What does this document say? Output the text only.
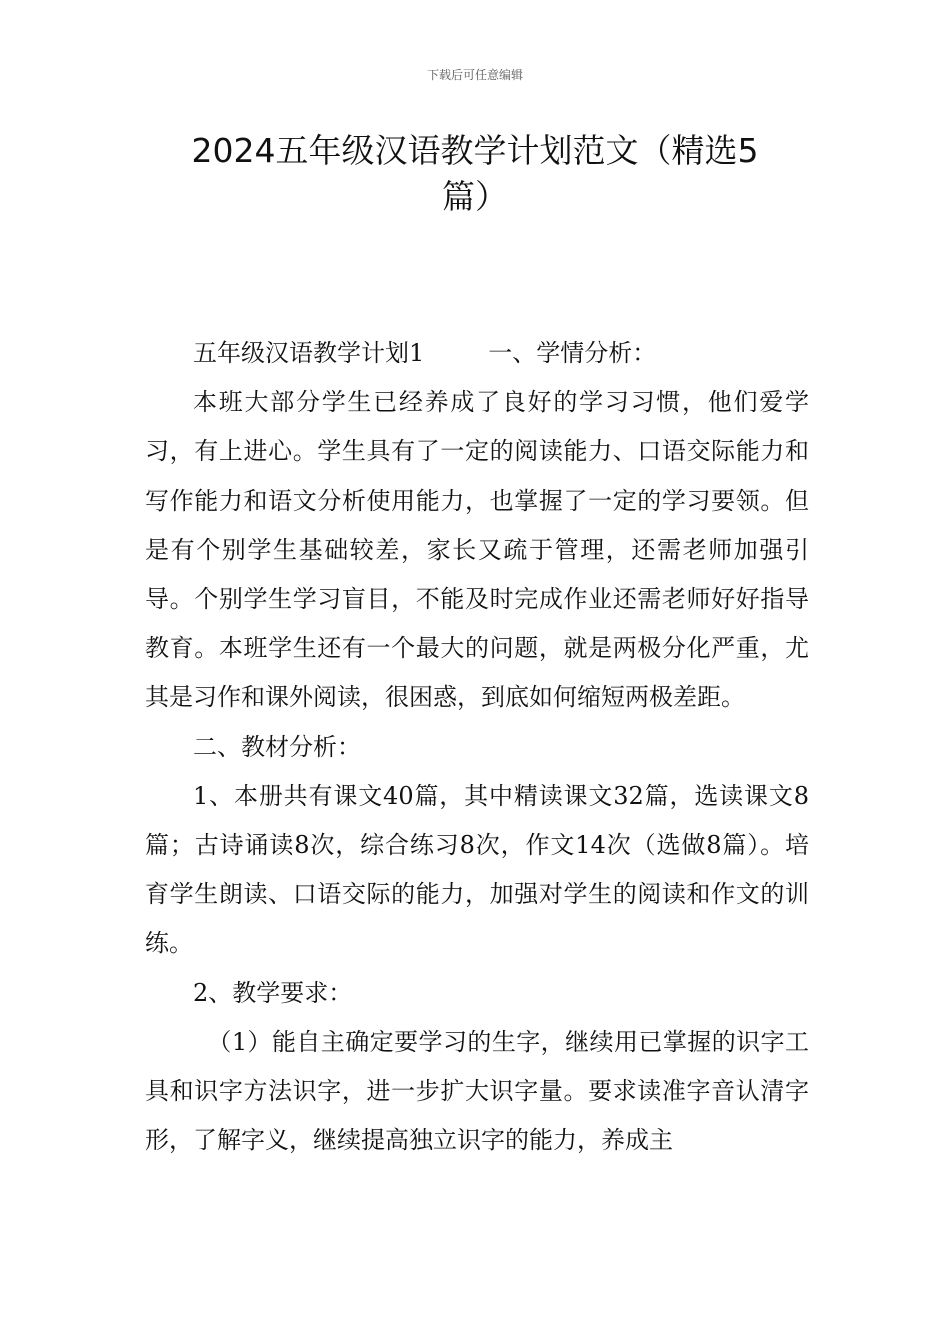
下载后可任意编辑
2024五年级汉语教学计划范文（精选5篇）

五年级汉语教学计划1	一、学情分析：

本班大部分学生已经养成了良好的学习习惯，他们爱学习，有上进心。学生具有了一定的阅读能力、口语交际能力和写作能力和语文分析使用能力，也掌握了一定的学习要领。但是有个别学生基础较差，家长又疏于管理，还需老师加强引导。个别学生学习盲目，不能及时完成作业还需老师好好指导教育。本班学生还有一个最大的问题，就是两极分化严重，尤其是习作和课外阅读，很困惑，到底如何缩短两极差距。

二、教材分析：

1、本册共有课文40篇，其中精读课文32篇，选读课文8篇；古诗诵读8次，综合练习8次，作文14次（选做8篇）。培育学生朗读、口语交际的能力，加强对学生的阅读和作文的训练。

2、教学要求：

（1）能自主确定要学习的生字，继续用已掌握的识字工具和识字方法识字，进一步扩大识字量。要求读准字音认清字形，了解字义，继续提高独立识字的能力，养成主
